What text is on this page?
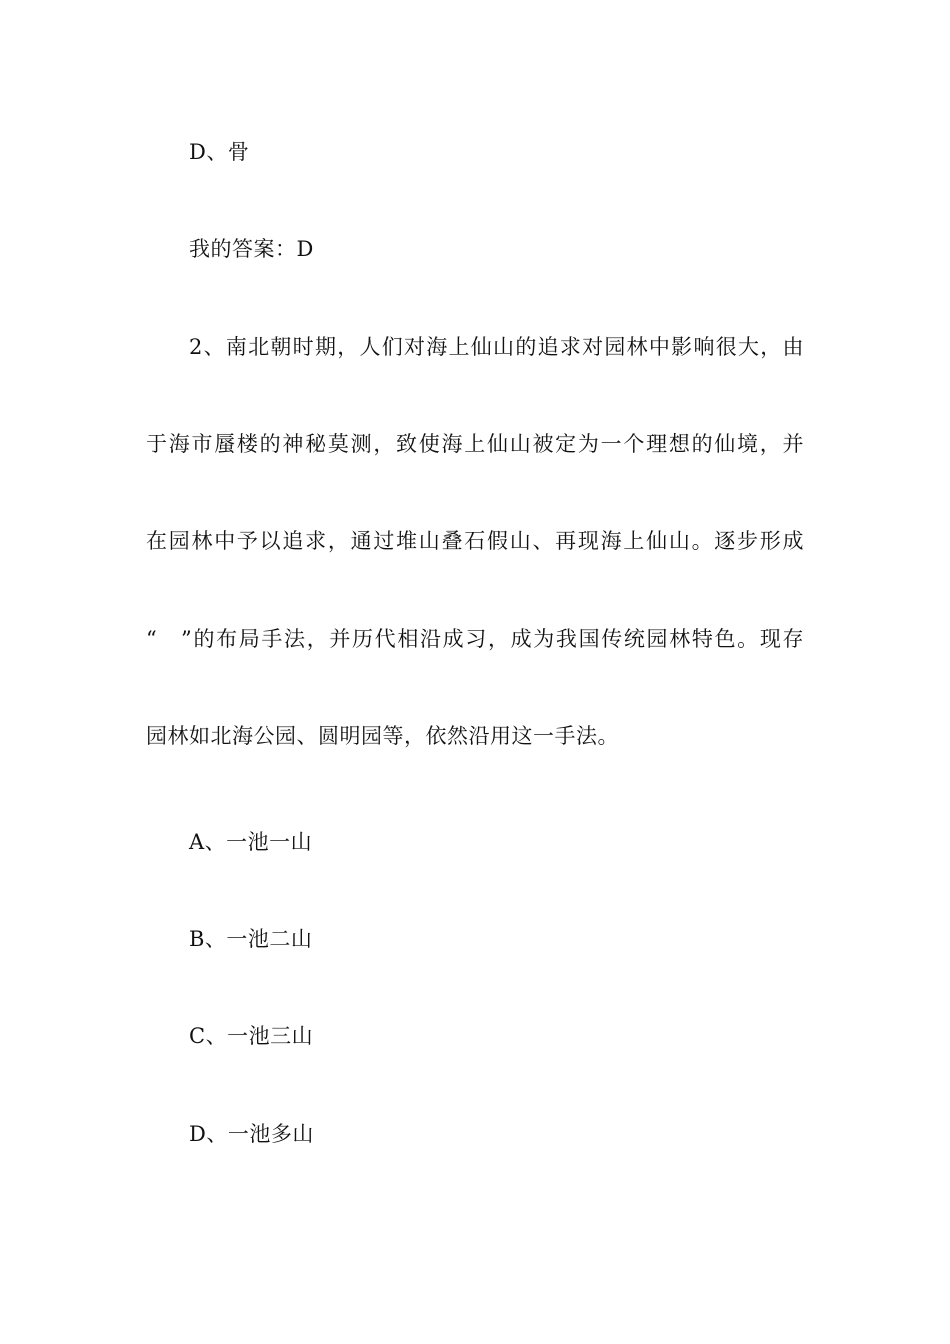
D、骨
我的答案：D
2、南北朝时期，人们对海上仙山的追求对园林中影响很大，由
于海市蜃楼的神秘莫测，致使海上仙山被定为一个理想的仙境，并
在园林中予以追求，通过堆山叠石假山、再现海上仙山。逐步形成
“　”的布局手法，并历代相沿成习，成为我国传统园林特色。现存
园林如北海公园、圆明园等，依然沿用这一手法。
A、一池一山
B、一池二山
C、一池三山
D、一池多山
